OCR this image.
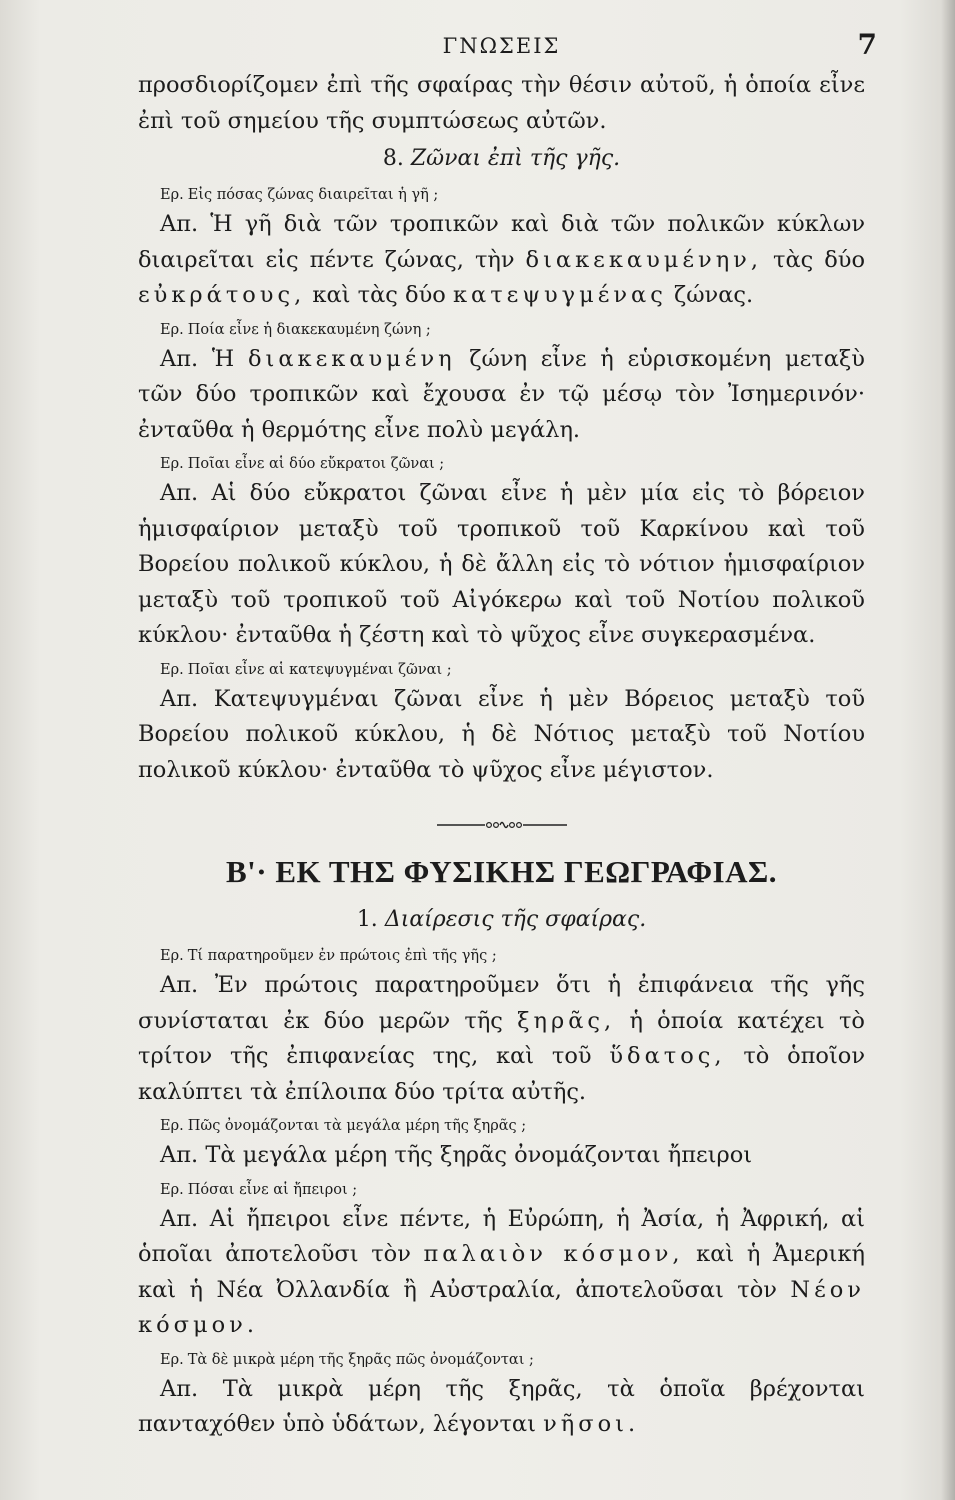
ΓΝΩΣΕΙΣ	7

προσδιορίζομεν ἐπὶ τῆς σφαίρας τὴν θέσιν αὐτοῦ, ἡ ὁποία εἶνε ἐπὶ τοῦ σημείου τῆς συμπτώσεως αὐτῶν.

8. Ζῶναι ἐπὶ τῆς γῆς.

Ερ. Εἰς πόσας ζώνας διαιρεῖται ἡ γῆ ;

Απ. Ἡ γῆ διὰ τῶν τροπικῶν καὶ διὰ τῶν πολικῶν κύκλων διαιρεῖται εἰς πέντε ζώνας, τὴν διακεκαυμένην, τὰς δύο εὐκράτους, καὶ τὰς δύο κατεψυγμένας ζώνας.

Ερ. Ποία εἶνε ἡ διακεκαυμένη ζώνη ;

Απ. Ἡ διακεκαυμένη ζώνη εἶνε ἡ εὑρισκομένη μεταξὺ τῶν δύο τροπικῶν καὶ ἔχουσα ἐν τῷ μέσῳ τὸν Ἰσημερινόν· ἐνταῦθα ἡ θερμότης εἶνε πολὺ μεγάλη.

Ερ. Ποῖαι εἶνε αἱ δύο εὔκρατοι ζῶναι ;

Απ. Αἱ δύο εὔκρατοι ζῶναι εἶνε ἡ μὲν μία εἰς τὸ βόρειον ἡμισφαίριον μεταξὺ τοῦ τροπικοῦ τοῦ Καρκίνου καὶ τοῦ Βορείου πολικοῦ κύκλου, ἡ δὲ ἄλλη εἰς τὸ νότιον ἡμισφαίριον μεταξὺ τοῦ τροπικοῦ τοῦ Αἰγόκερω καὶ τοῦ Νοτίου πολικοῦ κύκλου· ἐνταῦθα ἡ ζέστη καὶ τὸ ψῦχος εἶνε συγκερασμένα.

Ερ. Ποῖαι εἶνε αἱ κατεψυγμέναι ζῶναι ;

Απ. Κατεψυγμέναι ζῶναι εἶνε ἡ μὲν Βόρειος μεταξὺ τοῦ Βορείου πολικοῦ κύκλου, ἡ δὲ Νότιος μεταξὺ τοῦ Νοτίου πολικοῦ κύκλου· ἐνταῦθα τὸ ψῦχος εἶνε μέγιστον.

Β'· ΕΚ ΤΗΣ ΦΥΣΙΚΗΣ ΓΕΩΓΡΑΦΙΑΣ.

1. Διαίρεσις τῆς σφαίρας.

Ερ. Τί παρατηροῦμεν ἐν πρώτοις ἐπὶ τῆς γῆς ;

Απ. Ἐν πρώτοις παρατηροῦμεν ὅτι ἡ ἐπιφάνεια τῆς γῆς συνίσταται ἐκ δύο μερῶν τῆς ξηρᾶς, ἡ ὁποία κατέχει τὸ τρίτον τῆς ἐπιφανείας της, καὶ τοῦ ὕδατος, τὸ ὁποῖον καλύπτει τὰ ἐπίλοιπα δύο τρίτα αὐτῆς.

Ερ. Πῶς ὀνομάζονται τὰ μεγάλα μέρη τῆς ξηρᾶς ;

Απ. Τὰ μεγάλα μέρη τῆς ξηρᾶς ὀνομάζονται ἤπειροι

Ερ. Πόσαι εἶνε αἱ ἤπειροι ;

Απ. Αἱ ἤπειροι εἶνε πέντε, ἡ Εὐρώπη, ἡ Ἀσία, ἡ Ἀφρική, αἱ ὁποῖαι ἀποτελοῦσι τὸν παλαιὸν κόσμον, καὶ ἡ Ἀμερική καὶ ἡ Νέα Ὀλλανδία ἢ Αὐστραλία, ἀποτελοῦσαι τὸν Νέον κόσμον.

Ερ. Τὰ δὲ μικρὰ μέρη τῆς ξηρᾶς πῶς ὀνομάζονται ;

Απ. Τὰ μικρὰ μέρη τῆς ξηρᾶς, τὰ ὁποῖα βρέχονται πανταχόθεν ὑπὸ ὑδάτων, λέγονται νῆσοι.
